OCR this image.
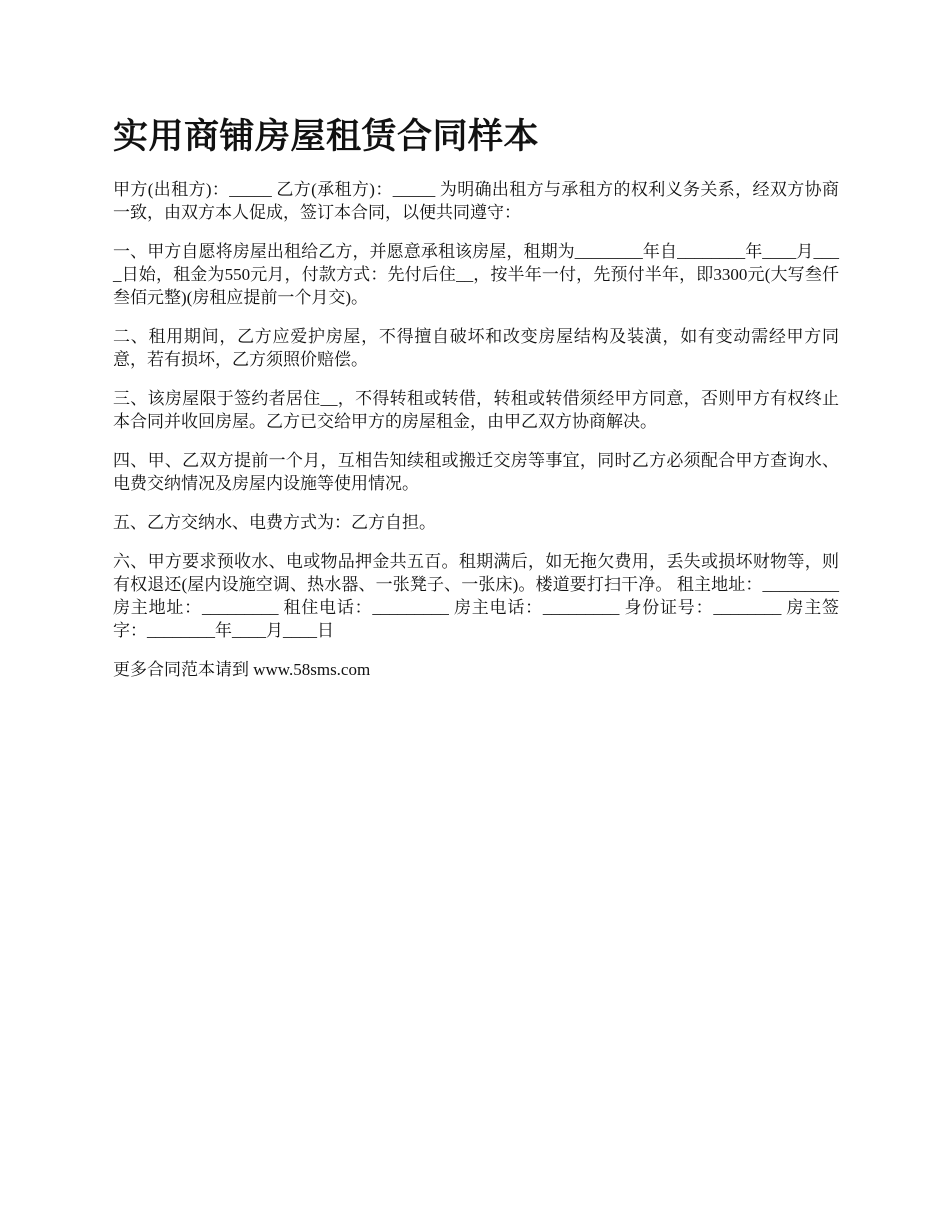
实用商铺房屋租赁合同样本

甲方(出租方)：_____ 乙方(承租方)：_____ 为明确出租方与承租方的权利义务关系，经双方协商一致，由双方本人促成，签订本合同，以便共同遵守：

一、甲方自愿将房屋出租给乙方，并愿意承租该房屋，租期为________年自________年____月____日始，租金为550元月，付款方式：先付后住__，按半年一付，先预付半年，即3300元(大写叁仟叁佰元整)(房租应提前一个月交)。

二、租用期间，乙方应爱护房屋，不得擅自破坏和改变房屋结构及装潢，如有变动需经甲方同意，若有损坏，乙方须照价赔偿。

三、该房屋限于签约者居住__，不得转租或转借，转租或转借须经甲方同意，否则甲方有权终止本合同并收回房屋。乙方已交给甲方的房屋租金，由甲乙双方协商解决。

四、甲、乙双方提前一个月，互相告知续租或搬迁交房等事宜，同时乙方必须配合甲方查询水、电费交纳情况及房屋内设施等使用情况。

五、乙方交纳水、电费方式为：乙方自担。

六、甲方要求预收水、电或物品押金共五百。租期满后，如无拖欠费用，丢失或损坏财物等，则有权退还(屋内设施空调、热水器、一张凳子、一张床)。楼道要打扫干净。 租主地址：_________ 房主地址：_________ 租住电话：_________ 房主电话：_________ 身份证号：________ 房主签字：________年____月____日

更多合同范本请到 www.58sms.com
